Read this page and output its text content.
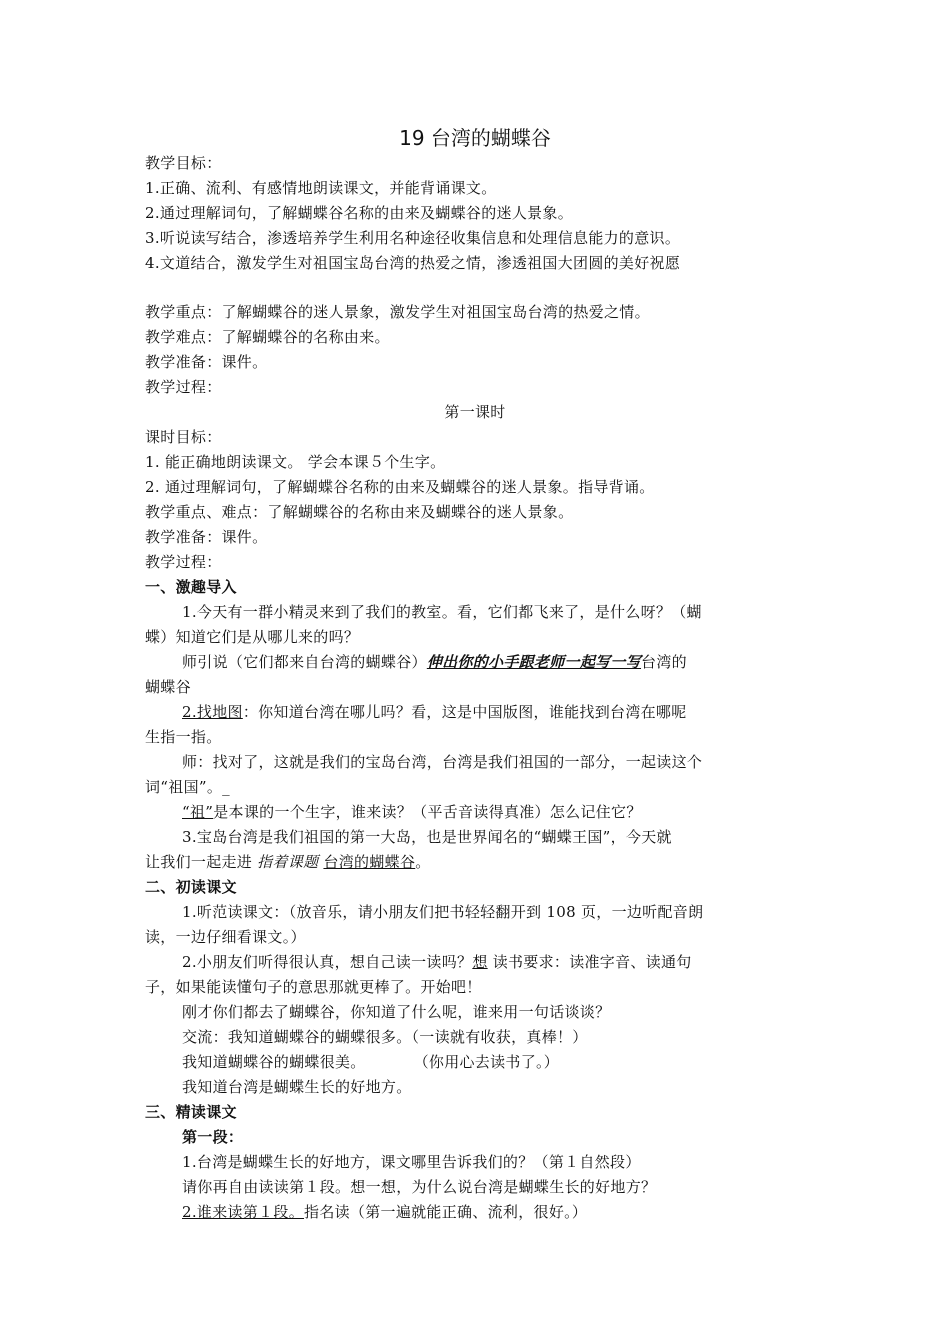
19 台湾的蝴蝶谷
教学目标：
1.正确、流利、有感情地朗读课文，并能背诵课文。
2.通过理解词句，了解蝴蝶谷名称的由来及蝴蝶谷的迷人景象。
3.听说读写结合，渗透培养学生利用名种途径收集信息和处理信息能力的意识。
4.文道结合，激发学生对祖国宝岛台湾的热爱之情，渗透祖国大团圆的美好祝愿
教学重点：了解蝴蝶谷的迷人景象，激发学生对祖国宝岛台湾的热爱之情。
教学难点：了解蝴蝶谷的名称由来。
教学准备：课件。
教学过程：
第一课时
课时目标：
1. 能正确地朗读课文。 学会本课５个生字。
2. 通过理解词句，了解蝴蝶谷名称的由来及蝴蝶谷的迷人景象。指导背诵。
教学重点、难点：了解蝴蝶谷的名称由来及蝴蝶谷的迷人景象。
教学准备：课件。
教学过程：
一、激趣导入
1.今天有一群小精灵来到了我们的教室。看，它们都飞来了，是什么呀？（蝴
蝶）知道它们是从哪儿来的吗？
师引说（它们都来自台湾的蝴蝶谷）伸出你的小手跟老师一起写一写台湾的
蝴蝶谷
2.找地图：你知道台湾在哪儿吗？看，这是中国版图，谁能找到台湾在哪呢
生指一指。
师：找对了，这就是我们的宝岛台湾，台湾是我们祖国的一部分，一起读这个
词“祖国”。_
“祖”是本课的一个生字，谁来读？（平舌音读得真准）怎么记住它？
3.宝岛台湾是我们祖国的第一大岛，也是世界闻名的“蝴蝶王国”，今天就
让我们一起走进 指着课题 台湾的蝴蝶谷。
二、初读课文
1.听范读课文：（放音乐，请小朋友们把书轻轻翻开到 108 页，一边听配音朗
读，一边仔细看课文。）
2.小朋友们听得很认真，想自己读一读吗？想 读书要求：读准字音、读通句
子，如果能读懂句子的意思那就更棒了。开始吧！
刚才你们都去了蝴蝶谷，你知道了什么呢，谁来用一句话谈谈？
交流：我知道蝴蝶谷的蝴蝶很多。（一读就有收获，真棒！）
我知道蝴蝶谷的蝴蝶很美。	（你用心去读书了。）
我知道台湾是蝴蝶生长的好地方。
三、精读课文
第一段：
1.台湾是蝴蝶生长的好地方，课文哪里告诉我们的？（第１自然段）
请你再自由读读第１段。想一想，为什么说台湾是蝴蝶生长的好地方？
2.谁来读第１段。指名读（第一遍就能正确、流利，很好。）
